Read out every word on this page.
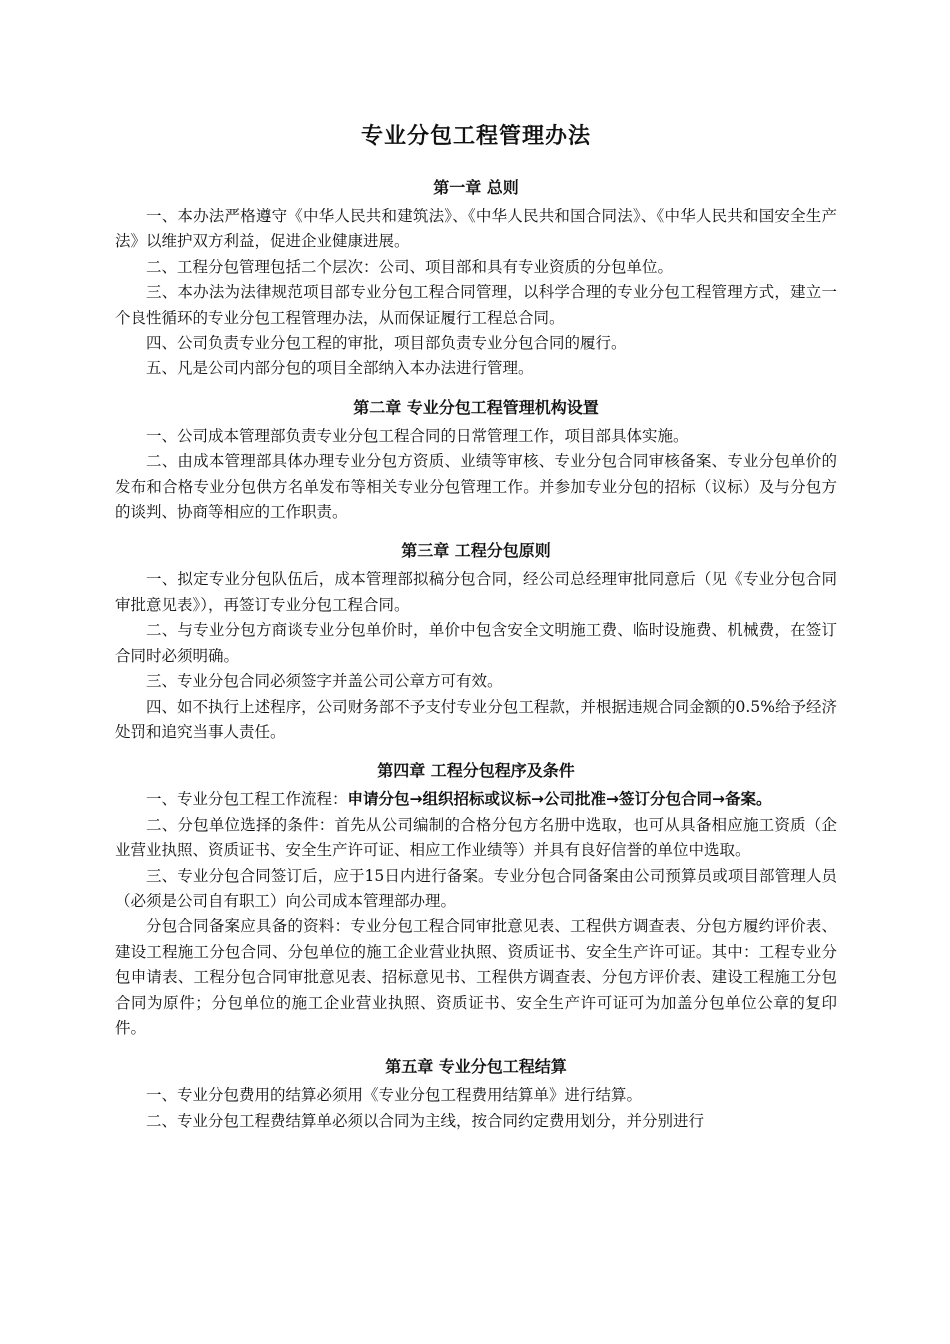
专业分包工程管理办法
第一章 总则

一、本办法严格遵守《中华人民共和建筑法》、《中华人民共和国合同法》、《中华人民共和国安全生产法》以维护双方利益，促进企业健康进展。

二、工程分包管理包括二个层次：公司、项目部和具有专业资质的分包单位。

三、本办法为法律规范项目部专业分包工程合同管理，以科学合理的专业分包工程管理方式，建立一个良性循环的专业分包工程管理办法，从而保证履行工程总合同。

四、公司负责专业分包工程的审批，项目部负责专业分包合同的履行。

五、凡是公司内部分包的项目全部纳入本办法进行管理。

第二章 专业分包工程管理机构设置

一、公司成本管理部负责专业分包工程合同的日常管理工作，项目部具体实施。

二、由成本管理部具体办理专业分包方资质、业绩等审核、专业分包合同审核备案、专业分包单价的发布和合格专业分包供方名单发布等相关专业分包管理工作。并参加专业分包的招标（议标）及与分包方的谈判、协商等相应的工作职责。

第三章 工程分包原则

一、拟定专业分包队伍后，成本管理部拟稿分包合同，经公司总经理审批同意后（见《专业分包合同审批意见表》），再签订专业分包工程合同。

二、与专业分包方商谈专业分包单价时，单价中包含安全文明施工费、临时设施费、机械费，在签订合同时必须明确。

三、专业分包合同必须签字并盖公司公章方可有效。

四、如不执行上述程序，公司财务部不予支付专业分包工程款，并根据违规合同金额的0.5%给予经济处罚和追究当事人责任。

第四章 工程分包程序及条件

一、专业分包工程工作流程：申请分包→组织招标或议标→公司批准→签订分包合同→备案。

二、分包单位选择的条件：首先从公司编制的合格分包方名册中选取，也可从具备相应施工资质（企业营业执照、资质证书、安全生产许可证、相应工作业绩等）并具有良好信誉的单位中选取。

三、专业分包合同签订后，应于15日内进行备案。专业分包合同备案由公司预算员或项目部管理人员（必须是公司自有职工）向公司成本管理部办理。

分包合同备案应具备的资料：专业分包工程合同审批意见表、工程供方调查表、分包方履约评价表、建设工程施工分包合同、分包单位的施工企业营业执照、资质证书、安全生产许可证。其中：工程专业分包申请表、工程分包合同审批意见表、招标意见书、工程供方调查表、分包方评价表、建设工程施工分包合同为原件；分包单位的施工企业营业执照、资质证书、安全生产许可证可为加盖分包单位公章的复印件。

第五章 专业分包工程结算

一、专业分包费用的结算必须用《专业分包工程费用结算单》进行结算。

二、专业分包工程费结算单必须以合同为主线，按合同约定费用划分，并分别进行
